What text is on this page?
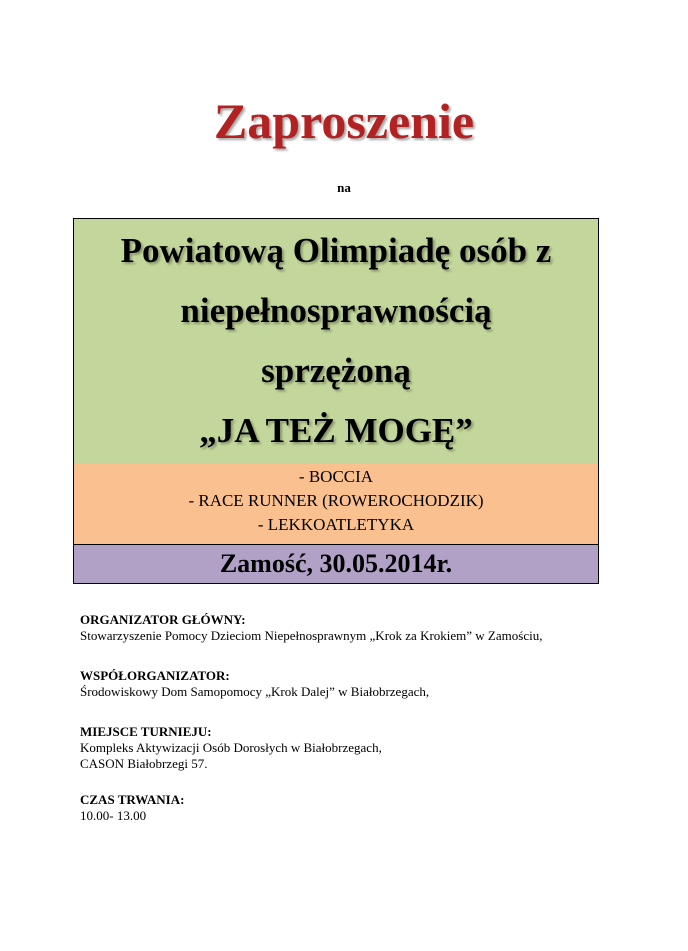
Zaproszenie
na
Powiatową Olimpiadę osób z
niepełnosprawnością
sprzężoną
„JA TEŻ MOGĘ”
- BOCCIA
- RACE RUNNER (ROWEROCHODZIK)
- LEKKOATLETYKA
Zamość, 30.05.2014r.
ORGANIZATOR GŁÓWNY:
Stowarzyszenie Pomocy Dzieciom Niepełnosprawnym „Krok za Krokiem” w Zamościu,
WSPÓŁORGANIZATOR:
Środowiskowy Dom Samopomocy „Krok Dalej” w Białobrzegach,
MIEJSCE TURNIEJU:
Kompleks Aktywizacji Osób Dorosłych w Białobrzegach,
CASON Białobrzegi 57.
CZAS TRWANIA:
10.00- 13.00
